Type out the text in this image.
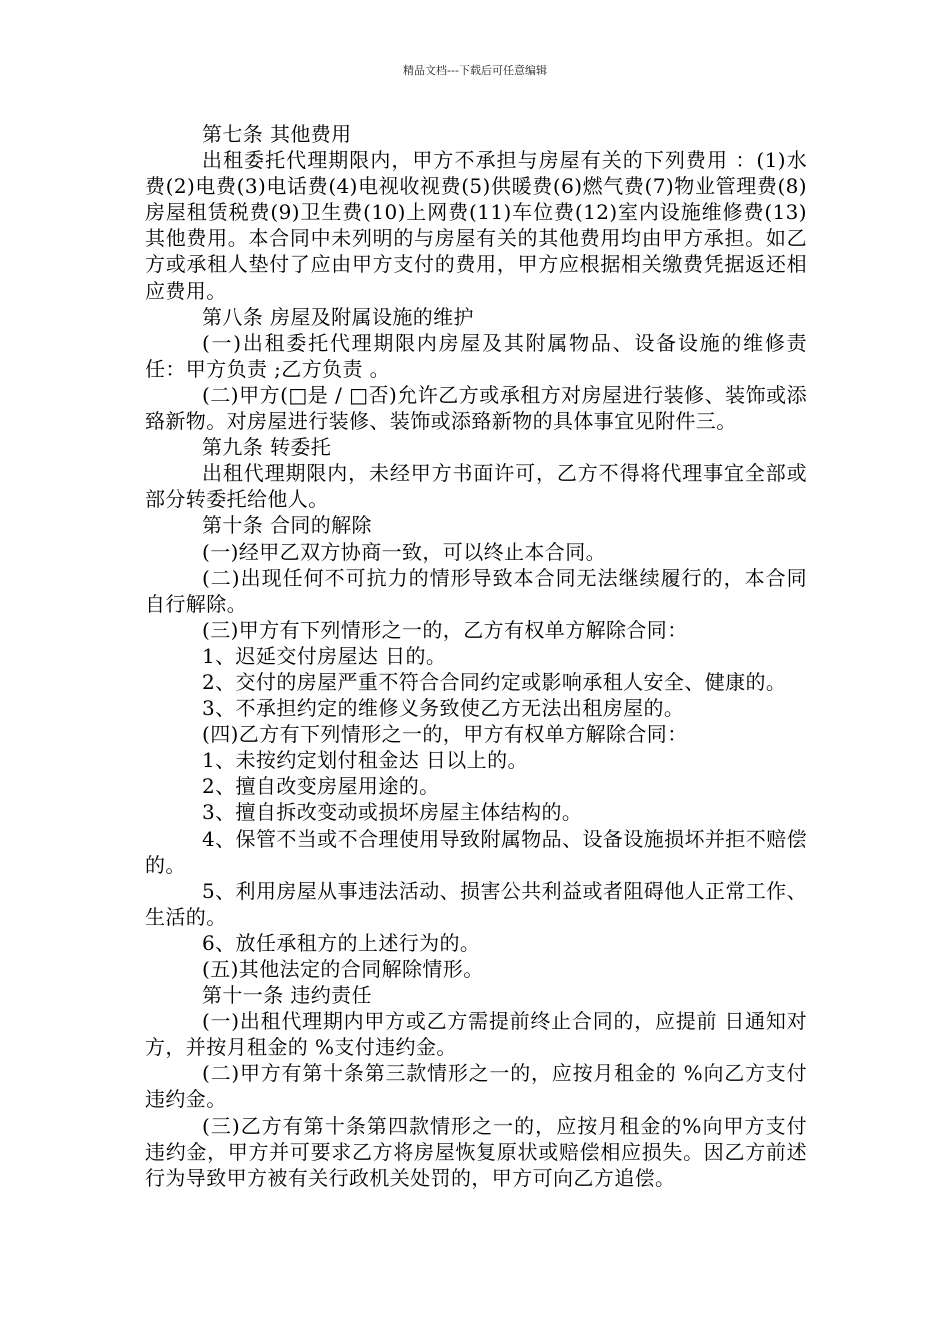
精品文档---下载后可任意编辑

第七条 其他费用

出租委托代理期限内，甲方不承担与房屋有关的下列费用 ：(1)水费(2)电费(3)电话费(4)电视收视费(5)供暖费(6)燃气费(7)物业管理费(8)房屋租赁税费(9)卫生费(10)上网费(11)车位费(12)室内设施维修费(13)其他费用。本合同中未列明的与房屋有关的其他费用均由甲方承担。如乙方或承租人垫付了应由甲方支付的费用，甲方应根据相关缴费凭据返还相应费用。

第八条 房屋及附属设施的维护

(一)出租委托代理期限内房屋及其附属物品、设备设施的维修责任：甲方负责 ;乙方负责 。

(二)甲方(□是 / □否)允许乙方或承租方对房屋进行装修、装饰或添臵新物。对房屋进行装修、装饰或添臵新物的具体事宜见附件三。

第九条 转委托

出租代理期限内，未经甲方书面许可，乙方不得将代理事宜全部或部分转委托给他人。

第十条 合同的解除

(一)经甲乙双方协商一致，可以终止本合同。

(二)出现任何不可抗力的情形导致本合同无法继续履行的，本合同自行解除。

(三)甲方有下列情形之一的，乙方有权单方解除合同：

1、迟延交付房屋达 日的。

2、交付的房屋严重不符合合同约定或影响承租人安全、健康的。

3、不承担约定的维修义务致使乙方无法出租房屋的。

(四)乙方有下列情形之一的，甲方有权单方解除合同：

1、未按约定划付租金达 日以上的。

2、擅自改变房屋用途的。

3、擅自拆改变动或损坏房屋主体结构的。

4、保管不当或不合理使用导致附属物品、设备设施损坏并拒不赔偿的。

5、利用房屋从事违法活动、损害公共利益或者阻碍他人正常工作、生活的。

6、放任承租方的上述行为的。

(五)其他法定的合同解除情形。

第十一条 违约责任

(一)出租代理期内甲方或乙方需提前终止合同的，应提前 日通知对方，并按月租金的 %支付违约金。

(二)甲方有第十条第三款情形之一的，应按月租金的 %向乙方支付违约金。

(三)乙方有第十条第四款情形之一的，应按月租金的%向甲方支付违约金，甲方并可要求乙方将房屋恢复原状或赔偿相应损失。因乙方前述行为导致甲方被有关行政机关处罚的，甲方可向乙方追偿。
